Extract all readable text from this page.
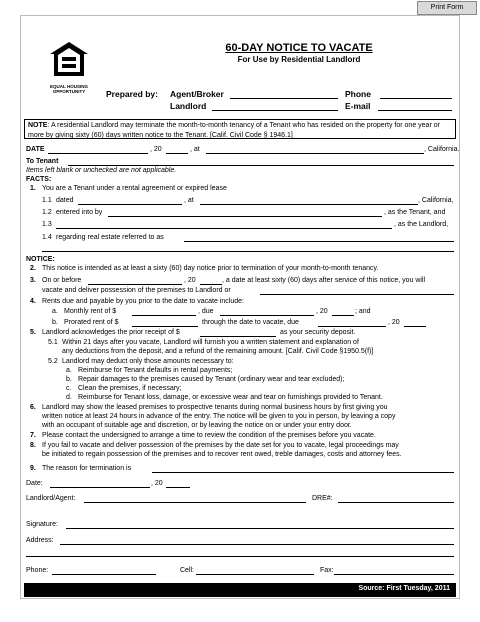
Print Form
EQUAL HOUSING OPPORTUNITY
60-DAY NOTICE TO VACATE
For Use by Residential Landlord
Prepared by: Agent/Broker
Landlord
Phone
E-mail
NOTE: A residential Landlord may terminate the month-to-month tenancy of a Tenant who has resided on the property for one year or more by giving sixty (60) days written notice to the Tenant. [Calif. Civil Code § 1946.1]
DATE	, 20	, at	, California.
To Tenant
Items left blank or unchecked are not applicable.
FACTS:
1. You are a Tenant under a rental agreement or expired lease
1.1 dated	, at	, California,
1.2 entered into by	, as the Tenant, and
1.3	, as the Landlord,
1.4 regarding real estate referred to as
NOTICE:
2. This notice is intended as at least a sixty (60) day notice prior to termination of your month-to-month tenancy.
3. On or before	, 20	, a date at least sixty (60) days after service of this notice, you will
vacate and deliver possession of the premises to Landlord or
4. Rents due and payable by you prior to the date to vacate include:
a. Monthly rent of $	, due	, 20	; and
b. Prorated rent of $	through the date to vacate, due	, 20
5. Landlord acknowledges the prior receipt of $	as your security deposit.
5.1 Within 21 days after you vacate, Landlord will furnish you a written statement and explanation of
any deductions from the deposit, and a refund of the remaining amount. [Calif. Civil Code §1950.5(f)]
5.2 Landlord may deduct only those amounts necessary to:
a. Reimburse for Tenant defaults in rental payments;
b. Repair damages to the premises caused by Tenant (ordinary wear and tear excluded);
c. Clean the premises, if necessary;
d. Reimburse for Tenant loss, damage, or excessive wear and tear on furnishings provided to Tenant.
6. Landlord may show the leased premises to prospective tenants during normal business hours by first giving you
written notice at least 24 hours in advance of the entry. The notice will be given to you in person, by leaving a copy
with an occupant of suitable age and discretion, or by leaving the notice on or under your entry door.
7. Please contact the undersigned to arrange a time to review the condition of the premises before you vacate.
8. If you fail to vacate and deliver possession of the premises by the date set for you to vacate, legal proceedings may
be initiated to regain possession of the premises and to recover rent owed, treble damages, costs and attorney fees.
9. The reason for termination is
Date:	, 20
Landlord/Agent:	DRE#:
Signature:
Address:
Phone:	Cell:	Fax:
Source: First Tuesday, 2011
